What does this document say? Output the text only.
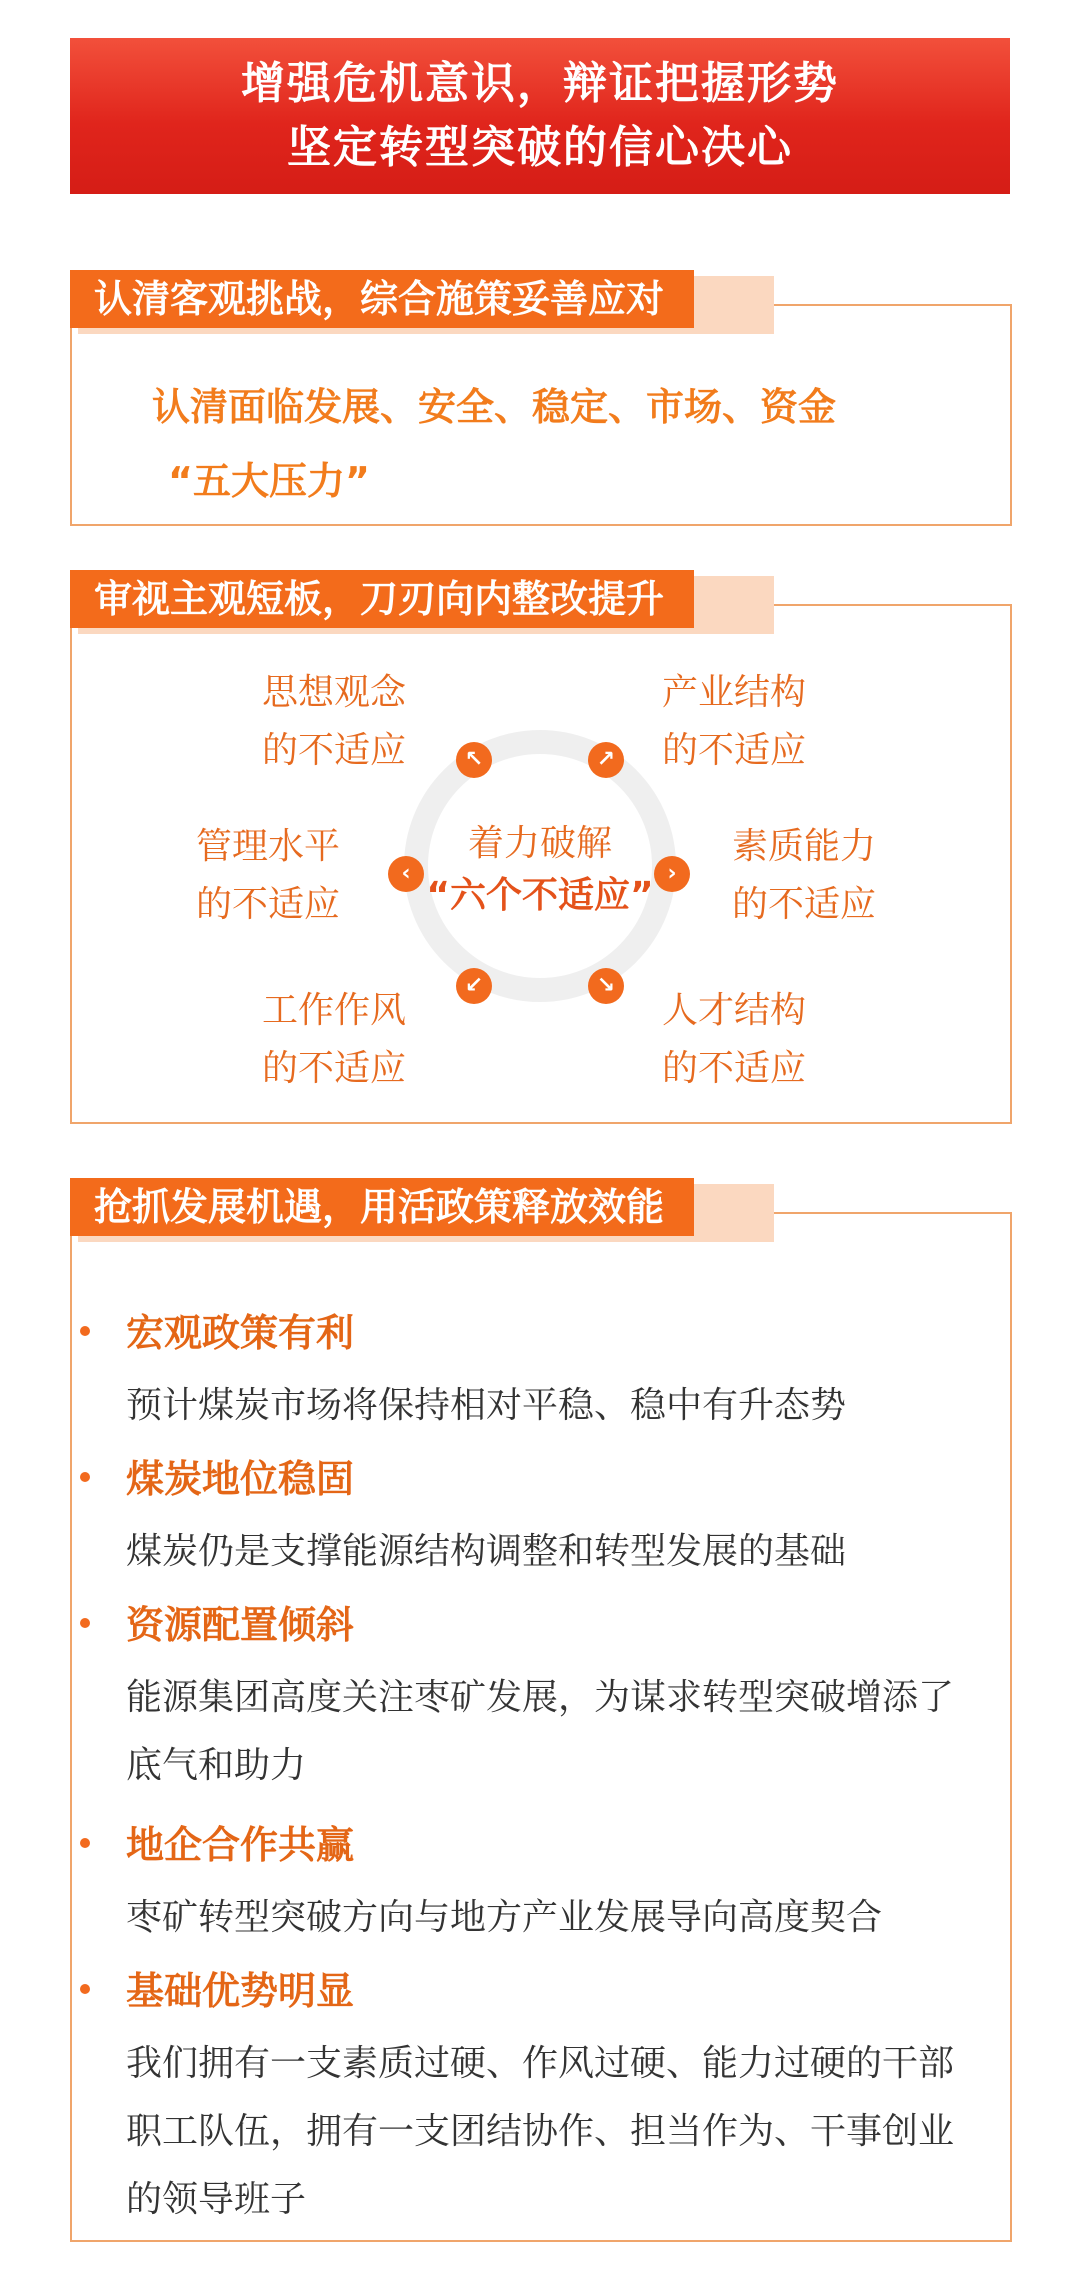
增强危机意识，辩证把握形势
坚定转型突破的信心决心
认清客观挑战，综合施策妥善应对
认清面临发展、安全、稳定、市场、资金
“五大压力”
审视主观短板，刀刃向内整改提升
着力破解
“六个不适应”
↖	↗
‹	›
↙	↘
思想观念
的不适应
产业结构
的不适应
管理水平
的不适应
素质能力
的不适应
工作作风
的不适应
人才结构
的不适应
抢抓发展机遇，用活政策释放效能
宏观政策有利
预计煤炭市场将保持相对平稳、稳中有升态势
煤炭地位稳固
煤炭仍是支撑能源结构调整和转型发展的基础
资源配置倾斜
能源集团高度关注枣矿发展，为谋求转型突破增添了底气和助力
地企合作共赢
枣矿转型突破方向与地方产业发展导向高度契合
基础优势明显
我们拥有一支素质过硬、作风过硬、能力过硬的干部职工队伍，拥有一支团结协作、担当作为、干事创业的领导班子
